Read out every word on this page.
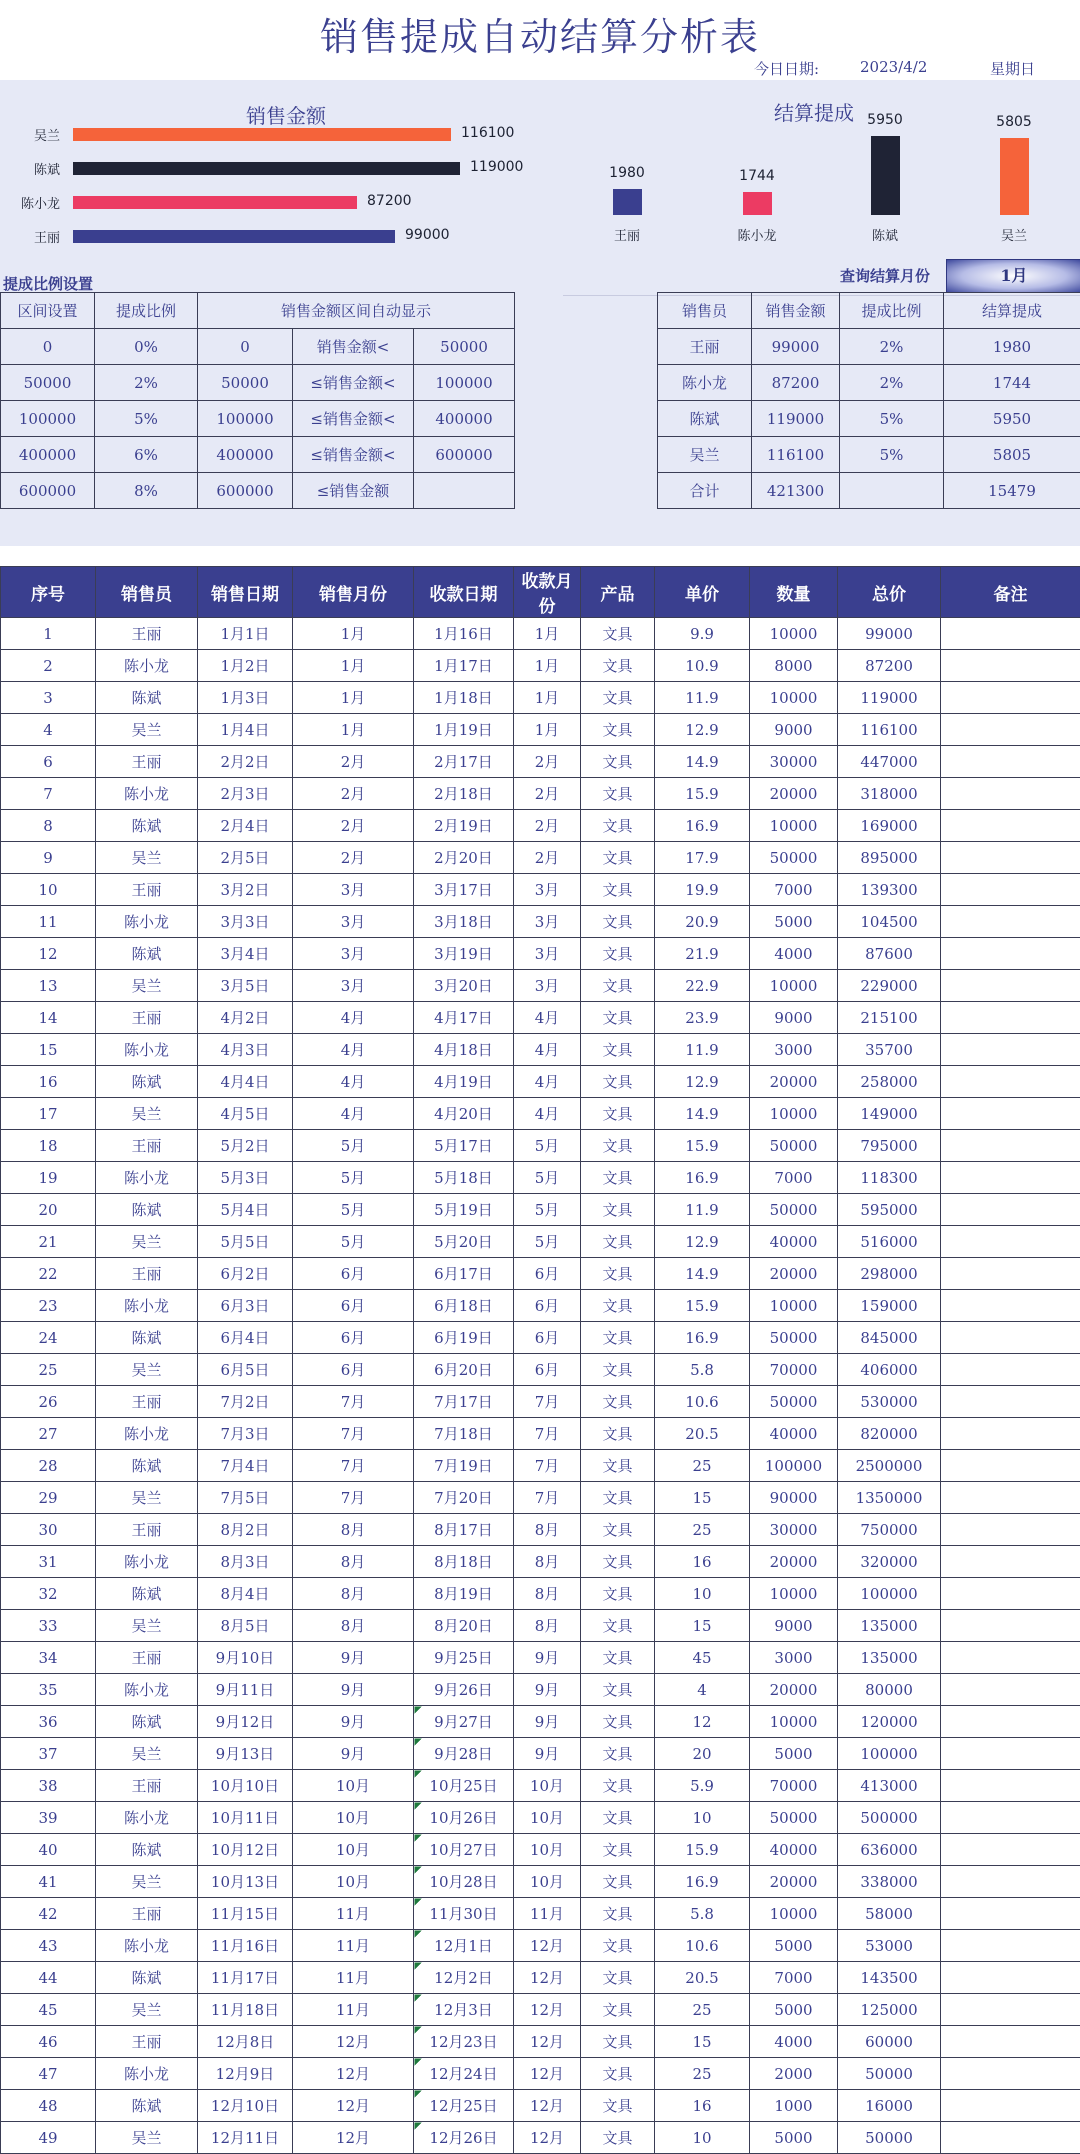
销售提成自动结算分析表
今日日期:	2023/4/2	星期日
销售金额
吴兰	116100
陈斌	119000
陈小龙	87200
王丽	99000
结算提成
1980
王丽
1744
陈小龙
5950
陈斌
5805
吴兰
提成比例设置	查询结算月份	1月
区间设置	提成比例	销售金额区间自动显示		
0	0%	0	销售金额<	50000
50000	2%	50000	≤销售金额<	100000
100000	5%	100000	≤销售金额<	400000
400000	6%	400000	≤销售金额<	600000
600000	8%	600000	≤销售金额	
销售员	销售金额	提成比例	结算提成
王丽	99000	2%	1980
陈小龙	87200	2%	1744
陈斌	119000	5%	5950
吴兰	116100	5%	5805
合计	421300		15479
序号	销售员	销售日期	销售月份	收款日期	收款月份	产品	单价	数量	总价	备注
1	王丽	1月1日	1月	1月16日	1月	文具	9.9	10000	99000	
2	陈小龙	1月2日	1月	1月17日	1月	文具	10.9	8000	87200	
3	陈斌	1月3日	1月	1月18日	1月	文具	11.9	10000	119000	
4	吴兰	1月4日	1月	1月19日	1月	文具	12.9	9000	116100	
6	王丽	2月2日	2月	2月17日	2月	文具	14.9	30000	447000	
7	陈小龙	2月3日	2月	2月18日	2月	文具	15.9	20000	318000	
8	陈斌	2月4日	2月	2月19日	2月	文具	16.9	10000	169000	
9	吴兰	2月5日	2月	2月20日	2月	文具	17.9	50000	895000	
10	王丽	3月2日	3月	3月17日	3月	文具	19.9	7000	139300	
11	陈小龙	3月3日	3月	3月18日	3月	文具	20.9	5000	104500	
12	陈斌	3月4日	3月	3月19日	3月	文具	21.9	4000	87600	
13	吴兰	3月5日	3月	3月20日	3月	文具	22.9	10000	229000	
14	王丽	4月2日	4月	4月17日	4月	文具	23.9	9000	215100	
15	陈小龙	4月3日	4月	4月18日	4月	文具	11.9	3000	35700	
16	陈斌	4月4日	4月	4月19日	4月	文具	12.9	20000	258000	
17	吴兰	4月5日	4月	4月20日	4月	文具	14.9	10000	149000	
18	王丽	5月2日	5月	5月17日	5月	文具	15.9	50000	795000	
19	陈小龙	5月3日	5月	5月18日	5月	文具	16.9	7000	118300	
20	陈斌	5月4日	5月	5月19日	5月	文具	11.9	50000	595000	
21	吴兰	5月5日	5月	5月20日	5月	文具	12.9	40000	516000	
22	王丽	6月2日	6月	6月17日	6月	文具	14.9	20000	298000	
23	陈小龙	6月3日	6月	6月18日	6月	文具	15.9	10000	159000	
24	陈斌	6月4日	6月	6月19日	6月	文具	16.9	50000	845000	
25	吴兰	6月5日	6月	6月20日	6月	文具	5.8	70000	406000	
26	王丽	7月2日	7月	7月17日	7月	文具	10.6	50000	530000	
27	陈小龙	7月3日	7月	7月18日	7月	文具	20.5	40000	820000	
28	陈斌	7月4日	7月	7月19日	7月	文具	25	100000	2500000	
29	吴兰	7月5日	7月	7月20日	7月	文具	15	90000	1350000	
30	王丽	8月2日	8月	8月17日	8月	文具	25	30000	750000	
31	陈小龙	8月3日	8月	8月18日	8月	文具	16	20000	320000	
32	陈斌	8月4日	8月	8月19日	8月	文具	10	10000	100000	
33	吴兰	8月5日	8月	8月20日	8月	文具	15	9000	135000	
34	王丽	9月10日	9月	9月25日	9月	文具	45	3000	135000	
35	陈小龙	9月11日	9月	9月26日	9月	文具	4	20000	80000	
36	陈斌	9月12日	9月	9月27日	9月	文具	12	10000	120000	
37	吴兰	9月13日	9月	9月28日	9月	文具	20	5000	100000	
38	王丽	10月10日	10月	10月25日	10月	文具	5.9	70000	413000	
39	陈小龙	10月11日	10月	10月26日	10月	文具	10	50000	500000	
40	陈斌	10月12日	10月	10月27日	10月	文具	15.9	40000	636000	
41	吴兰	10月13日	10月	10月28日	10月	文具	16.9	20000	338000	
42	王丽	11月15日	11月	11月30日	11月	文具	5.8	10000	58000	
43	陈小龙	11月16日	11月	12月1日	12月	文具	10.6	5000	53000	
44	陈斌	11月17日	11月	12月2日	12月	文具	20.5	7000	143500	
45	吴兰	11月18日	11月	12月3日	12月	文具	25	5000	125000	
46	王丽	12月8日	12月	12月23日	12月	文具	15	4000	60000	
47	陈小龙	12月9日	12月	12月24日	12月	文具	25	2000	50000	
48	陈斌	12月10日	12月	12月25日	12月	文具	16	1000	16000	
49	吴兰	12月11日	12月	12月26日	12月	文具	10	5000	50000	
